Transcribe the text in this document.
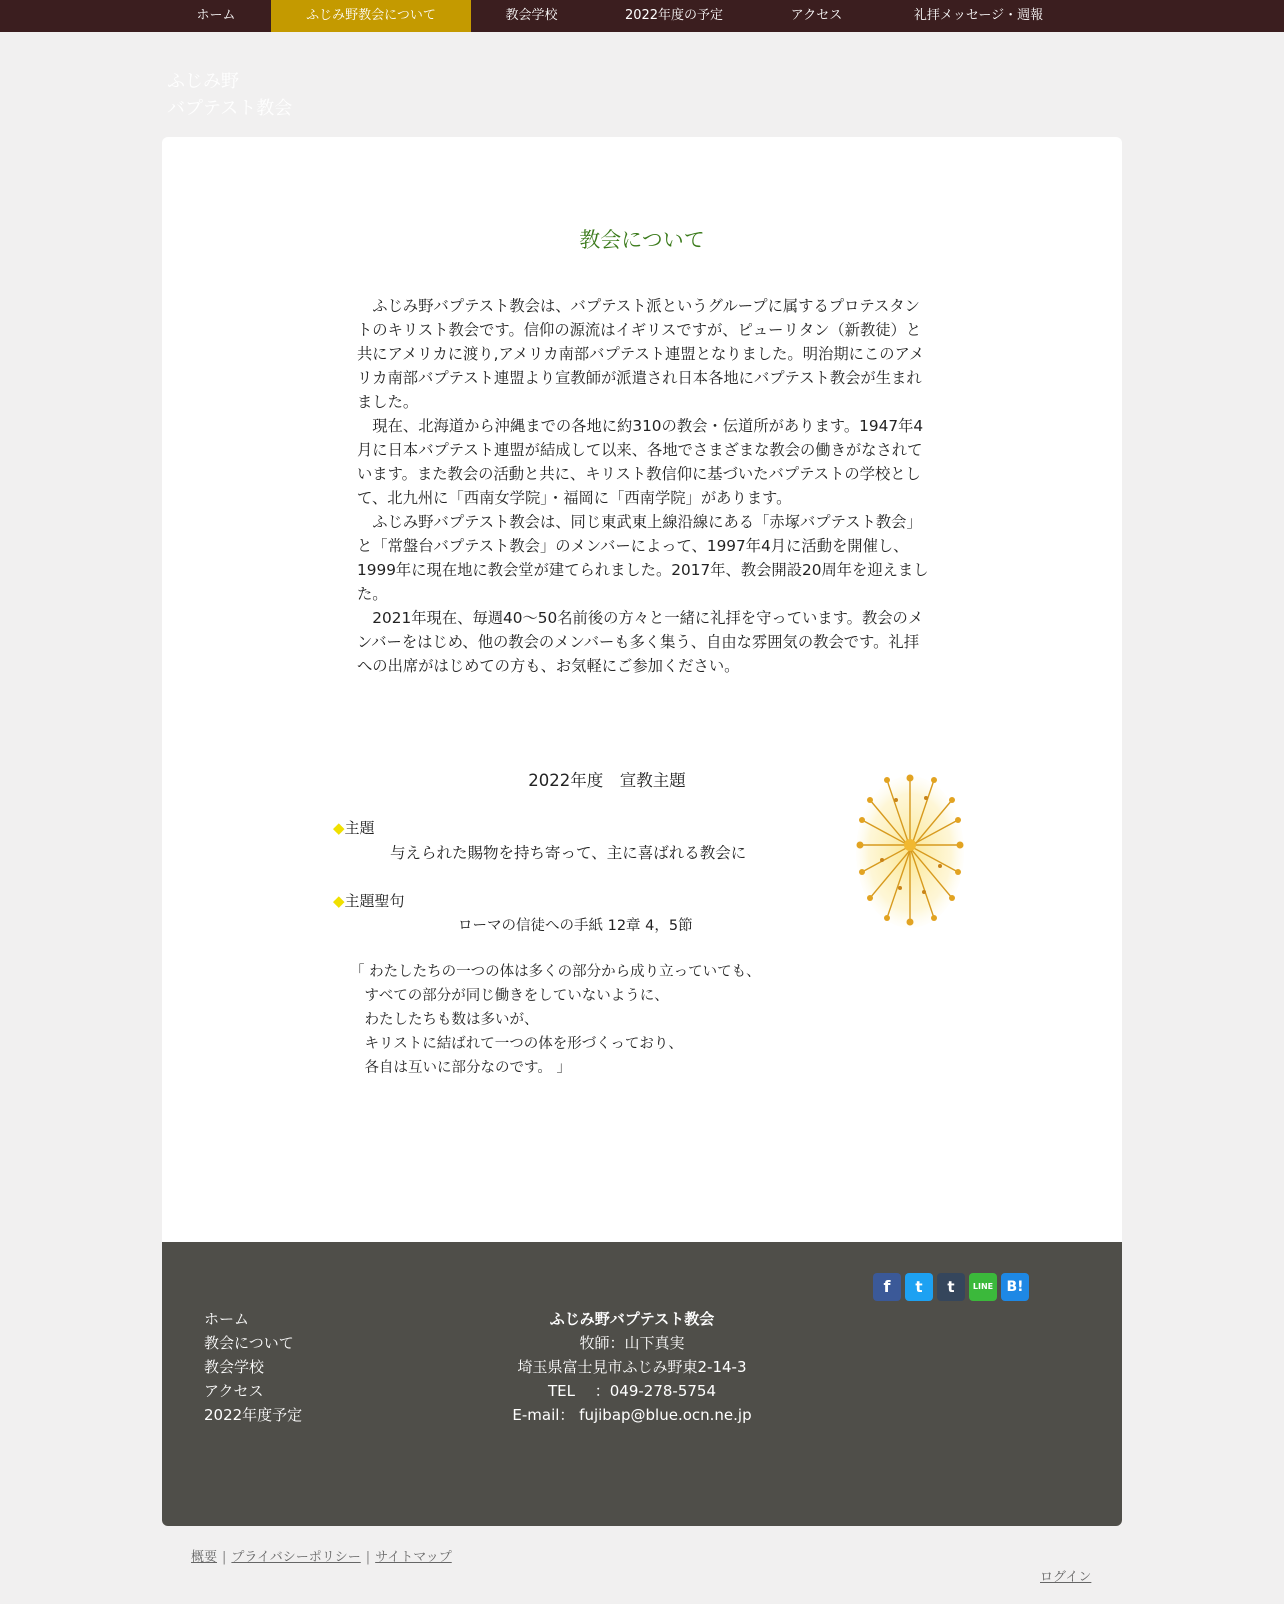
ホーム	ふじみ野教会について	教会学校	2022年度の予定	アクセス	礼拝メッセージ・週報
ふじみ野
バプテスト教会
教会について

ふじみ野バプテスト教会は、バプテスト派というグループに属するプロテスタントのキリスト教会です。信仰の源流はイギリスですが、ピューリタン（新教徒）と共にアメリカに渡り,アメリカ南部バプテスト連盟となりました。明治期にこのアメリカ南部バプテスト連盟より宣教師が派遣され日本各地にバプテスト教会が生まれました。

現在、北海道から沖縄までの各地に約310の教会・伝道所があります。1947年4月に日本バプテスト連盟が結成して以来、各地でさまざまな教会の働きがなされています。また教会の活動と共に、キリスト教信仰に基づいたバプテストの学校として、北九州に「西南女学院」・福岡に「西南学院」があります。

ふじみ野バプテスト教会は、同じ東武東上線沿線にある「赤塚バプテスト教会」と「常盤台バプテスト教会」のメンバーによって、1997年4月に活動を開催し、1999年に現在地に教会堂が建てられました。2017年、教会開設20周年を迎えました。

2021年現在、毎週40～50名前後の方々と一緒に礼拝を守っています。教会のメンバーをはじめ、他の教会のメンバーも多く集う、自由な雰囲気の教会です。礼拝への出席がはじめての方も、お気軽にご参加ください。

2022年度　宣教主題
◆主題
与えられた賜物を持ち寄って、主に喜ばれる教会に
◆主題聖句
ローマの信徒への手紙 12章 4，5節
「 わたしたちの一つの体は多くの部分から成り立っていても、
　すべての部分が同じ働きをしていないように、
　わたしたちも数は多いが、
　キリストに結ばれて一つの体を形づくっており、
　各自は互いに部分なのです。 」
ホーム
教会について
教会学校
アクセス
2022年度予定
ふじみ野バプテスト教会
牧師：山下真実
埼玉県富士見市ふじみ野東2-14-3
TEL　 ：049-278-5754
E-mail： fujibap@blue.ocn.ne.jp
f	t	t	LINE B!
概要 | プライバシーポリシー | サイトマップ
ログイン
